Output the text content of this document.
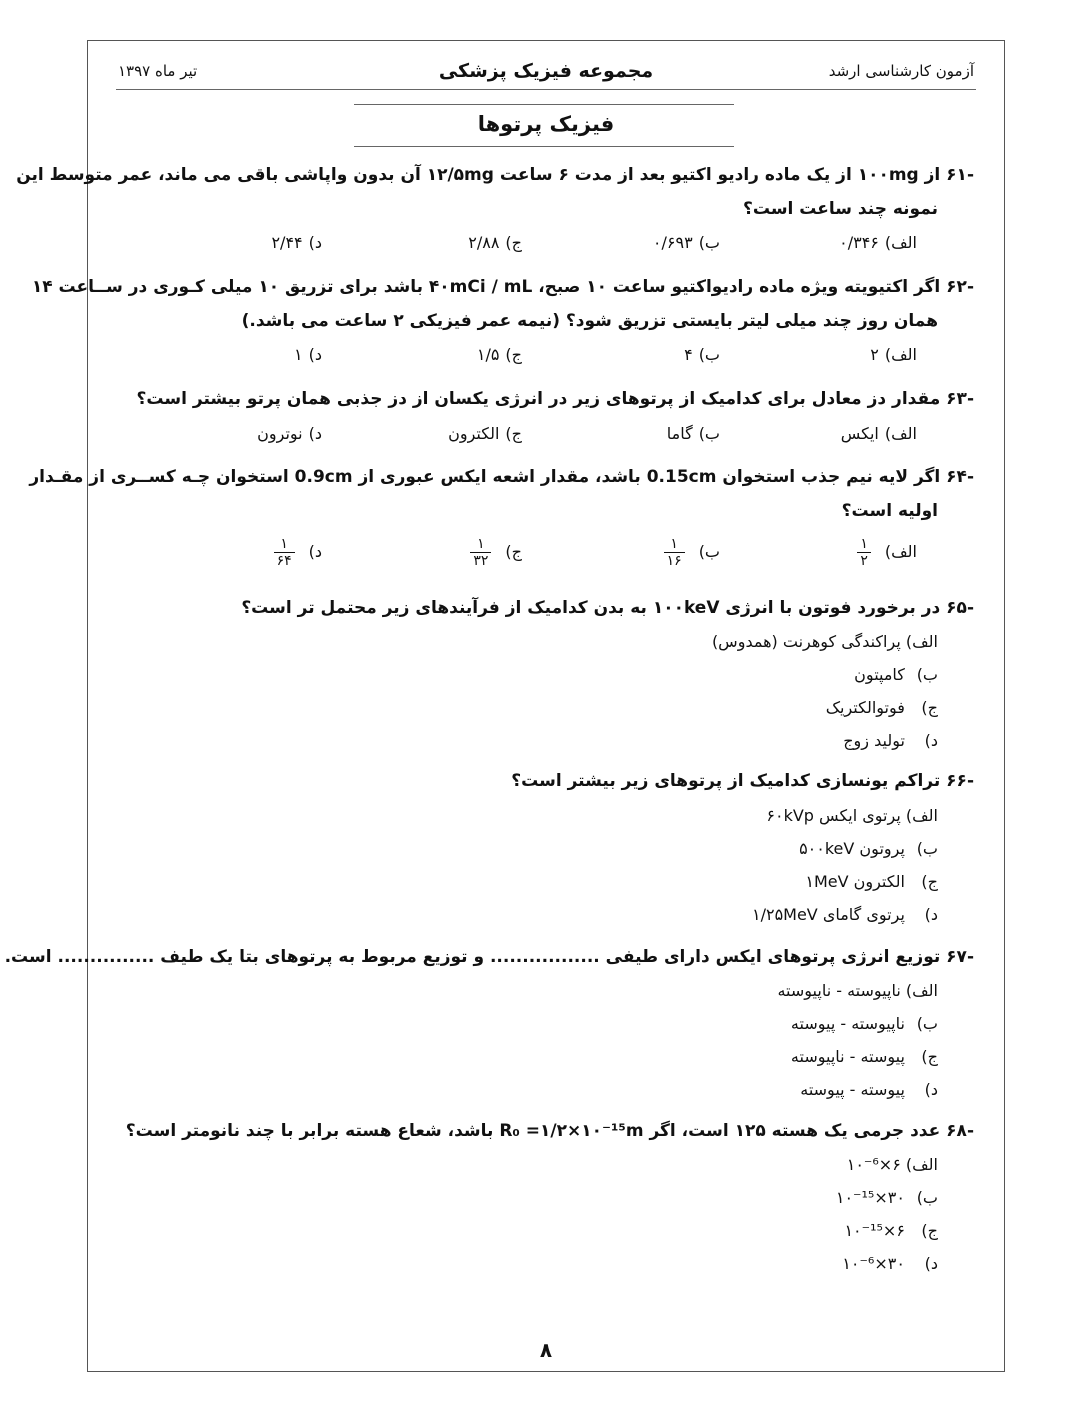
تیر ماه ۱۳۹۷	مجموعه فیزیک پزشکی	آزمون کارشناسی ارشد
فیزیک پرتوها
-۶۱ از ۱۰۰mg از یک ماده رادیو اکتیو بعد از مدت ۶ ساعت ۱۲/۵mg آن بدون واپاشی باقی می ماند، عمر متوسط این
نمونه چند ساعت است؟
الف)۰/۳۴۶
ب)۰/۶۹۳
ج)۲/۸۸
د)۲/۴۴
-۶۲ اگر اکتیویته ویژه ماده رادیواکتیو ساعت ۱۰ صبح، ۴۰mCi / mL باشد برای تزریق ۱۰ میلی کـوری در ســاعت ۱۴
همان روز چند میلی لیتر بایستی تزریق شود؟ (نیمه عمر فیزیکی ۲ ساعت می باشد.)
الف)۲
ب)۴
ج)۱/۵
د)۱
-۶۳ مقدار دز معادل برای کدامیک از پرتوهای زیر در انرژی یکسان از دز جذبی همان پرتو بیشتر است؟
الف)ایکس
ب)گاما
ج)الکترون
د)نوترون
-۶۴ اگر لایه نیم جذب استخوان 0.15cm باشد، مقدار اشعه ایکس عبوری از 0.9cm استخوان چـه کســری از مقـدار
اولیه است؟
الف)
$\frac{۱}{۲}$
ب)
$\frac{۱}{۱۶}$
ج)
$\frac{۱}{۳۲}$
د)
$\frac{۱}{۶۴}$
-۶۵ در برخورد فوتون با انرژی ۱۰۰keV به بدن کدامیک از فرآیندهای زیر محتمل تر است؟
الف) پراکندگی کوهرنت (همدوس)
ب) کامپتون
ج) فوتوالکتریک
د) تولید زوج
-۶۶ تراکم یونسازی کدامیک از پرتوهای زیر بیشتر است؟
الف) پرتوی ایکس ۶۰kVp
ب) پروتون ۵۰۰keV
ج) الکترون ۱MeV
د) پرتوی گامای ۱/۲۵MeV
-۶۷ توزیع انرژی پرتوهای ایکس دارای طیفی ................. و توزیع مربوط به پرتوهای بتا یک طیف ............... است.
الف) ناپیوسته - ناپیوسته
ب) ناپیوسته - پیوسته
ج) پیوسته - ناپیوسته
د) پیوسته - پیوسته
-۶۸ عدد جرمی یک هسته ۱۲۵ است، اگر R₀ =۱/۲×۱۰⁻¹⁵m باشد، شعاع هسته برابر با چند نانومتر است؟
الف) ۶×۱۰⁻⁶
ب) ۳۰×۱۰⁻¹⁵
ج) ۶×۱۰⁻¹⁵
د) ۳۰×۱۰⁻⁶
۸
